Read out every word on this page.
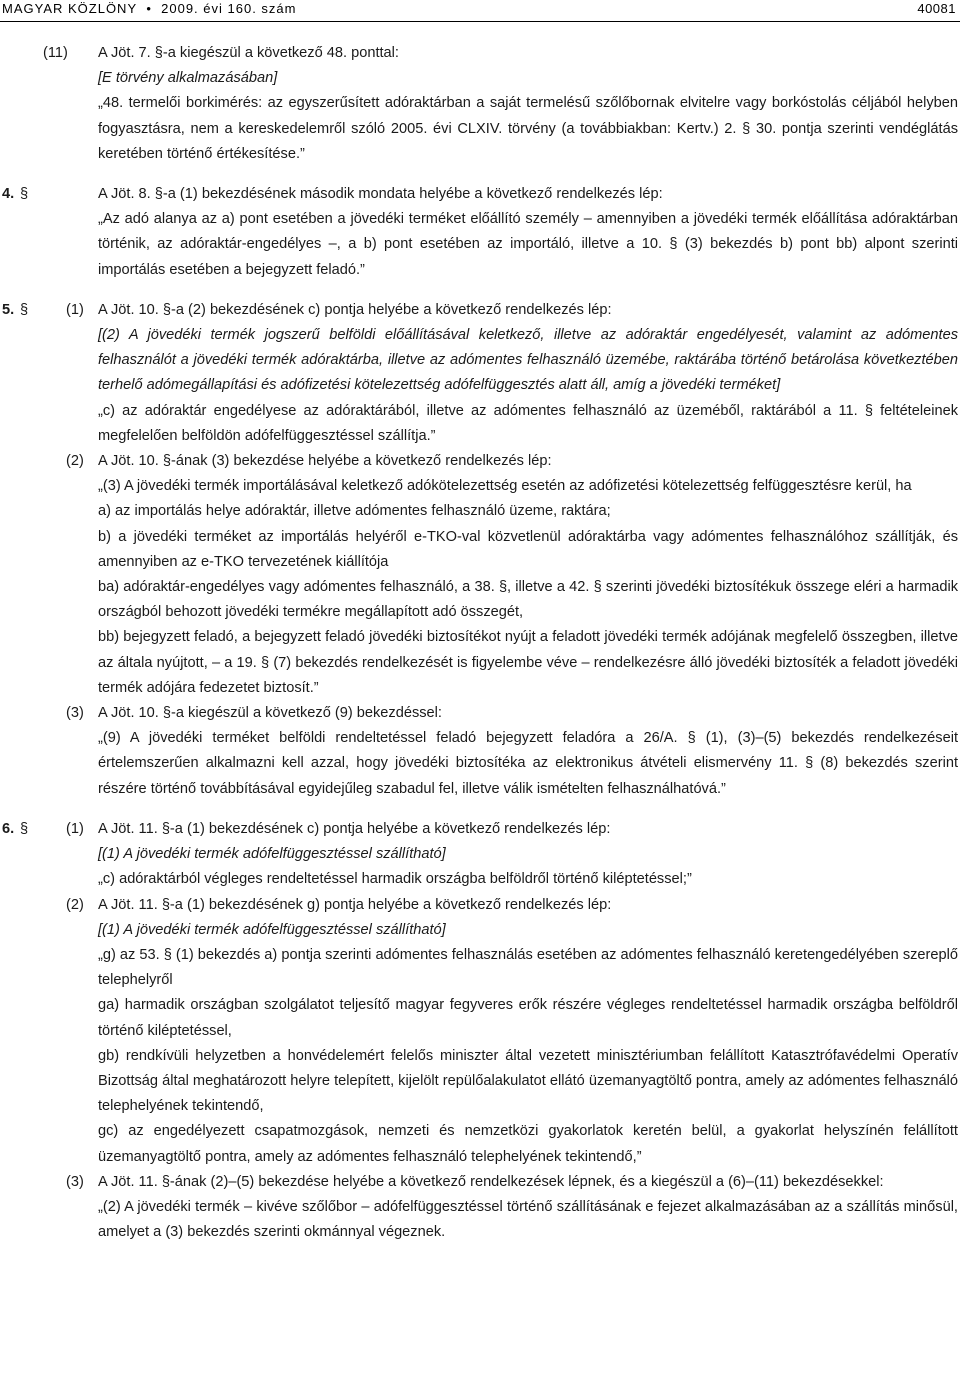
MAGYAR KÖZLÖNY  •  2009. évi 160. szám	40081
(11) A Jöt. 7. §-a kiegészül a következő 48. ponttal:
[E törvény alkalmazásában]
„48. termelői borkimérés: az egyszerűsített adóraktárban a saját termelésű szőlőbornak elvitelre vagy borkóstolás céljából helyben fogyasztásra, nem a kereskedelemről szóló 2005. évi CLXIV. törvény (a továbbiakban: Kertv.) 2. § 30. pontja szerinti vendéglátás keretében történő értékesítése.”
4. §	A Jöt. 8. §-a (1) bekezdésének második mondata helyébe a következő rendelkezés lép:
„Az adó alanya az a) pont esetében a jövedéki terméket előállító személy – amennyiben a jövedéki termék előállítása adóraktárban történik, az adóraktár-engedélyes –, a b) pont esetében az importáló, illetve a 10. § (3) bekezdés b) pont bb) alpont szerinti importálás esetében a bejegyzett feladó.”
5. §	(1) A Jöt. 10. §-a (2) bekezdésének c) pontja helyébe a következő rendelkezés lép:
[(2) A jövedéki termék jogszerű belföldi előállításával keletkező, illetve az adóraktár engedélyesét, valamint az adómentes felhasználót a jövedéki termék adóraktárba, illetve az adómentes felhasználó üzemébe, raktárába történő betárolása következtében terhelő adómegállapítási és adófizetési kötelezettség adófelfüggesztés alatt áll, amíg a jövedéki terméket]
„c) az adóraktár engedélyese az adóraktárából, illetve az adómentes felhasználó az üzeméből, raktárából a 11. § feltételeinek megfelelően belföldön adófelfüggesztéssel szállítja.”
(2) A Jöt. 10. §-ának (3) bekezdése helyébe a következő rendelkezés lép:
„(3) A jövedéki termék importálásával keletkező adókötelezettség esetén az adófizetési kötelezettség felfüggesztésre kerül, ha
a) az importálás helye adóraktár, illetve adómentes felhasználó üzeme, raktára;
b) a jövedéki terméket az importálás helyéről e-TKO-val közvetlenül adóraktárba vagy adómentes felhasználóhoz szállítják, és amennyiben az e-TKO tervezetének kiállítója
ba) adóraktár-engedélyes vagy adómentes felhasználó, a 38. §, illetve a 42. § szerinti jövedéki biztosítékuk összege eléri a harmadik országból behozott jövedéki termékre megállapított adó összegét,
bb) bejegyzett feladó, a bejegyzett feladó jövedéki biztosítékot nyújt a feladott jövedéki termék adójának megfelelő összegben, illetve az általa nyújtott, – a 19. § (7) bekezdés rendelkezését is figyelembe véve – rendelkezésre álló jövedéki biztosíték a feladott jövedéki termék adójára fedezetet biztosít.”
(3) A Jöt. 10. §-a kiegészül a következő (9) bekezdéssel:
„(9) A jövedéki terméket belföldi rendeltetéssel feladó bejegyzett feladóra a 26/A. § (1), (3)–(5) bekezdés rendelkezéseit értelemszerűen alkalmazni kell azzal, hogy jövedéki biztosítéka az elektronikus átvételi elismervény 11. § (8) bekezdés szerint részére történő továbbításával egyidejűleg szabadul fel, illetve válik ismételten felhasználhatóvá.”
6. §	(1) A Jöt. 11. §-a (1) bekezdésének c) pontja helyébe a következő rendelkezés lép:
[(1) A jövedéki termék adófelfüggesztéssel szállítható]
„c) adóraktárból végleges rendeltetéssel harmadik országba belföldről történő kiléptetéssel;”
(2) A Jöt. 11. §-a (1) bekezdésének g) pontja helyébe a következő rendelkezés lép:
[(1) A jövedéki termék adófelfüggesztéssel szállítható]
„g) az 53. § (1) bekezdés a) pontja szerinti adómentes felhasználás esetében az adómentes felhasználó keretengedélyében szereplő telephelyről
ga) harmadik országban szolgálatot teljesítő magyar fegyveres erők részére végleges rendeltetéssel harmadik országba belföldről történő kiléptetéssel,
gb) rendkívüli helyzetben a honvédelemért felelős miniszter által vezetett minisztériumban felállított Katasztrófavédelmi Operatív Bizottság által meghatározott helyre telepített, kijelölt repülőalakulatot ellátó üzemanyagtöltő pontra, amely az adómentes felhasználó telephelyének tekintendő,
gc) az engedélyezett csapatmozgások, nemzeti és nemzetközi gyakorlatok keretén belül, a gyakorlat helyszínén felállított üzemanyagtöltő pontra, amely az adómentes felhasználó telephelyének tekintendő,”
(3) A Jöt. 11. §-ának (2)–(5) bekezdése helyébe a következő rendelkezések lépnek, és a kiegészül a (6)–(11) bekezdésekkel:
„(2) A jövedéki termék – kivéve szőlőbor – adófelfüggesztéssel történő szállításának e fejezet alkalmazásában az a szállítás minősül, amelyet a (3) bekezdés szerinti okmánnyal végeznek.
